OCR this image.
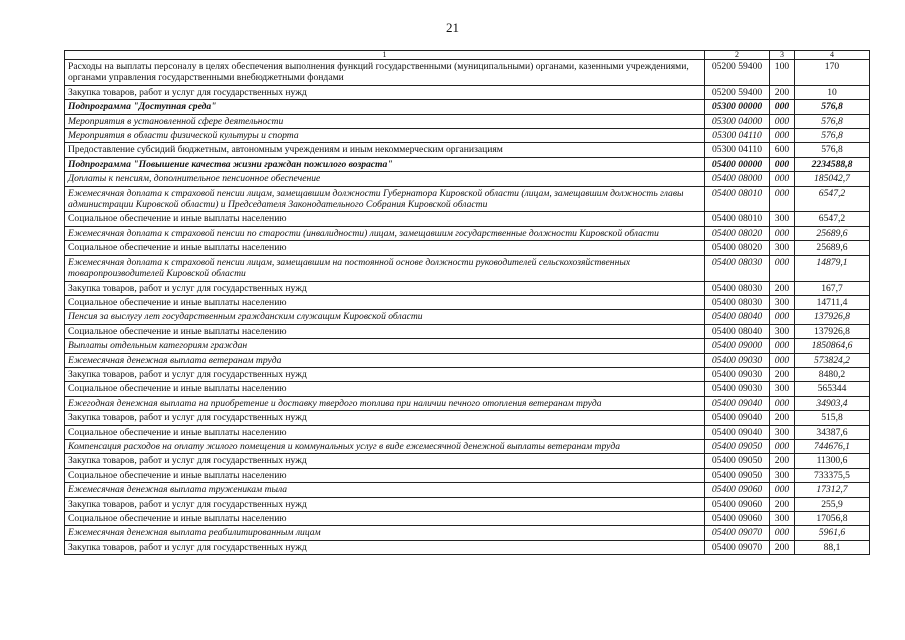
21
1	2	3	4
Расходы на выплаты персоналу в целях обеспечения выполнения функций государственными (муниципальными) органами, казенными учреждениями, органами управления государственными внебюджетными фондами	05200 59400	100	170
Закупка товаров, работ и услуг для государственных нужд	05200 59400	200	10
Подпрограмма "Доступная среда"	05300 00000	000	576,8
Мероприятия в установленной сфере деятельности	05300 04000	000	576,8
Мероприятия в области физической культуры и спорта	05300 04110	000	576,8
Предоставление субсидий бюджетным, автономным учреждениям и иным некоммерческим организациям	05300 04110	600	576,8
Подпрограмма "Повышение качества жизни граждан пожилого возраста"	05400 00000	000	2234588,8
Доплаты к пенсиям, дополнительное пенсионное обеспечение	05400 08000	000	185042,7
Ежемесячная доплата к страховой пенсии лицам, замещавшим должности Губернатора Кировской области (лицам, замещавшим должность главы администрации Кировской области) и Председателя Законодательного Собрания Кировской области	05400 08010	000	6547,2
Социальное обеспечение и иные выплаты населению	05400 08010	300	6547,2
Ежемесячная доплата к страховой пенсии по старости (инвалидности) лицам, замещавшим государственные должности Кировской области	05400 08020	000	25689,6
Социальное обеспечение и иные выплаты населению	05400 08020	300	25689,6
Ежемесячная доплата к страховой пенсии лицам, замещавшим на постоянной основе должности руководителей сельскохозяйственных товаропроизводителей Кировской области	05400 08030	000	14879,1
Закупка товаров, работ и услуг для государственных нужд	05400 08030	200	167,7
Социальное обеспечение и иные выплаты населению	05400 08030	300	14711,4
Пенсия за выслугу лет государственным гражданским служащим Кировской области	05400 08040	000	137926,8
Социальное обеспечение и иные выплаты населению	05400 08040	300	137926,8
Выплаты отдельным категориям граждан	05400 09000	000	1850864,6
Ежемесячная денежная выплата ветеранам труда	05400 09030	000	573824,2
Закупка товаров, работ и услуг для государственных нужд	05400 09030	200	8480,2
Социальное обеспечение и иные выплаты населению	05400 09030	300	565344
Ежегодная денежная выплата на приобретение и доставку твердого топлива при наличии печного отопления ветеранам труда	05400 09040	000	34903,4
Закупка товаров, работ и услуг для государственных нужд	05400 09040	200	515,8
Социальное обеспечение и иные выплаты населению	05400 09040	300	34387,6
Компенсация расходов на оплату жилого помещения и коммунальных услуг в виде ежемесячной денежной выплаты ветеранам труда	05400 09050	000	744676,1
Закупка товаров, работ и услуг для государственных нужд	05400 09050	200	11300,6
Социальное обеспечение и иные выплаты населению	05400 09050	300	733375,5
Ежемесячная денежная выплата труженикам тыла	05400 09060	000	17312,7
Закупка товаров, работ и услуг для государственных нужд	05400 09060	200	255,9
Социальное обеспечение и иные выплаты населению	05400 09060	300	17056,8
Ежемесячная денежная выплата реабилитированным лицам	05400 09070	000	5961,6
Закупка товаров, работ и услуг для государственных нужд	05400 09070	200	88,1
